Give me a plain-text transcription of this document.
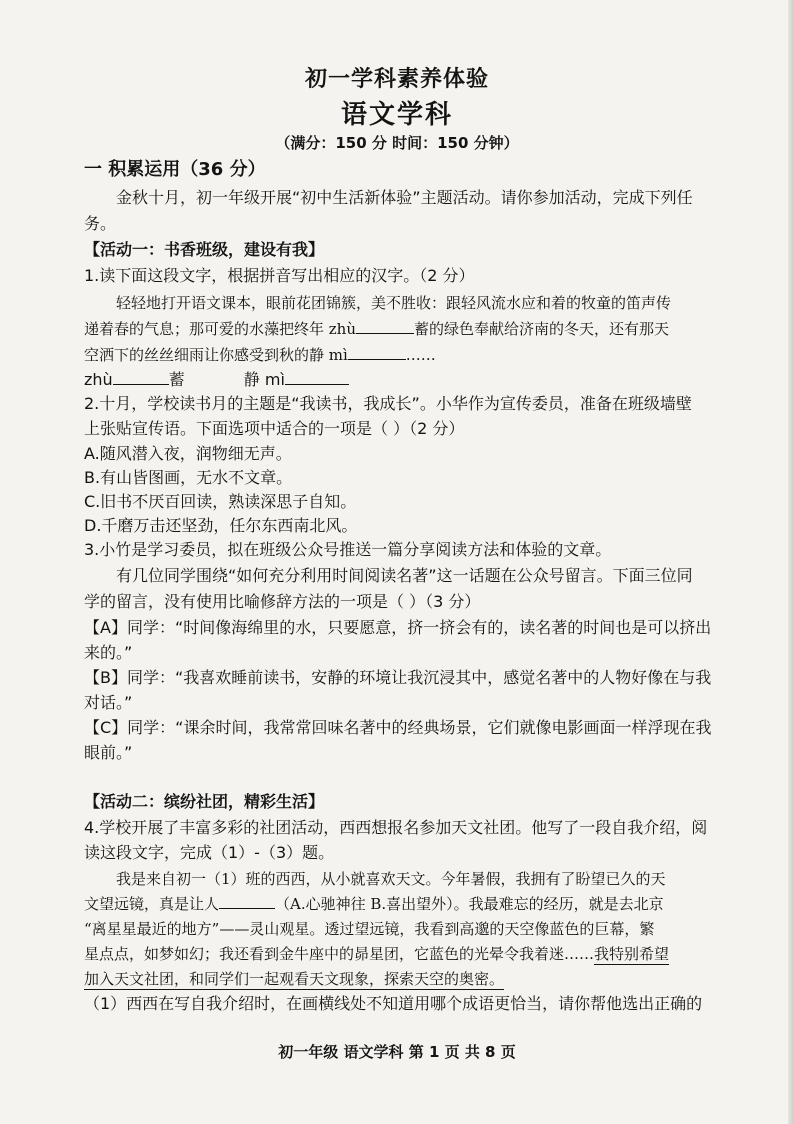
初一学科素养体验
语文学科
（满分：150 分 时间：150 分钟）
一 积累运用（36 分）
金秋十月，初一年级开展“初中生活新体验”主题活动。请你参加活动，完成下列任
务。
【活动一：书香班级，建设有我】
1.读下面这段文字，根据拼音写出相应的汉字。（2 分）
轻轻地打开语文课本，眼前花团锦簇，美不胜收：跟轻风流水应和着的牧童的笛声传
递着春的气息；那可爱的水藻把终年 zhù	蓄的绿色奉献给济南的冬天，还有那天
空洒下的丝丝细雨让你感受到秋的静 mì	……
zhù	蓄	静 mì
2.十月，学校读书月的主题是“我读书，我成长”。小华作为宣传委员，准备在班级墙壁
上张贴宣传语。下面选项中适合的一项是（ ）（2 分）
A.随风潜入夜，润物细无声。
B.有山皆图画，无水不文章。
C.旧书不厌百回读，熟读深思子自知。
D.千磨万击还坚劲，任尔东西南北风。
3.小竹是学习委员，拟在班级公众号推送一篇分享阅读方法和体验的文章。
有几位同学围绕“如何充分利用时间阅读名著”这一话题在公众号留言。下面三位同
学的留言，没有使用比喻修辞方法的一项是（ ）（3 分）
【A】同学：“时间像海绵里的水，只要愿意，挤一挤会有的，读名著的时间也是可以挤出
来的。”
【B】同学：“我喜欢睡前读书，安静的环境让我沉浸其中，感觉名著中的人物好像在与我
对话。”
【C】同学：“课余时间，我常常回味名著中的经典场景，它们就像电影画面一样浮现在我
眼前。”
【活动二：缤纷社团，精彩生活】
4.学校开展了丰富多彩的社团活动，西西想报名参加天文社团。他写了一段自我介绍，阅
读这段文字，完成（1）-（3）题。
我是来自初一（1）班的西西，从小就喜欢天文。今年暑假，我拥有了盼望已久的天
文望远镜，真是让人	（A.心驰神往 B.喜出望外）。我最难忘的经历，就是去北京
“离星星最近的地方”——灵山观星。透过望远镜，我看到高邈的天空像蓝色的巨幕，繁
星点点，如梦如幻；我还看到金牛座中的昴星团，它蓝色的光晕令我着迷……我特别希望
加入天文社团，和同学们一起观看天文现象，探索天空的奥密。
（1）西西在写自我介绍时，在画横线处不知道用哪个成语更恰当，请你帮他选出正确的
初一年级 语文学科 第 1 页 共 8 页
